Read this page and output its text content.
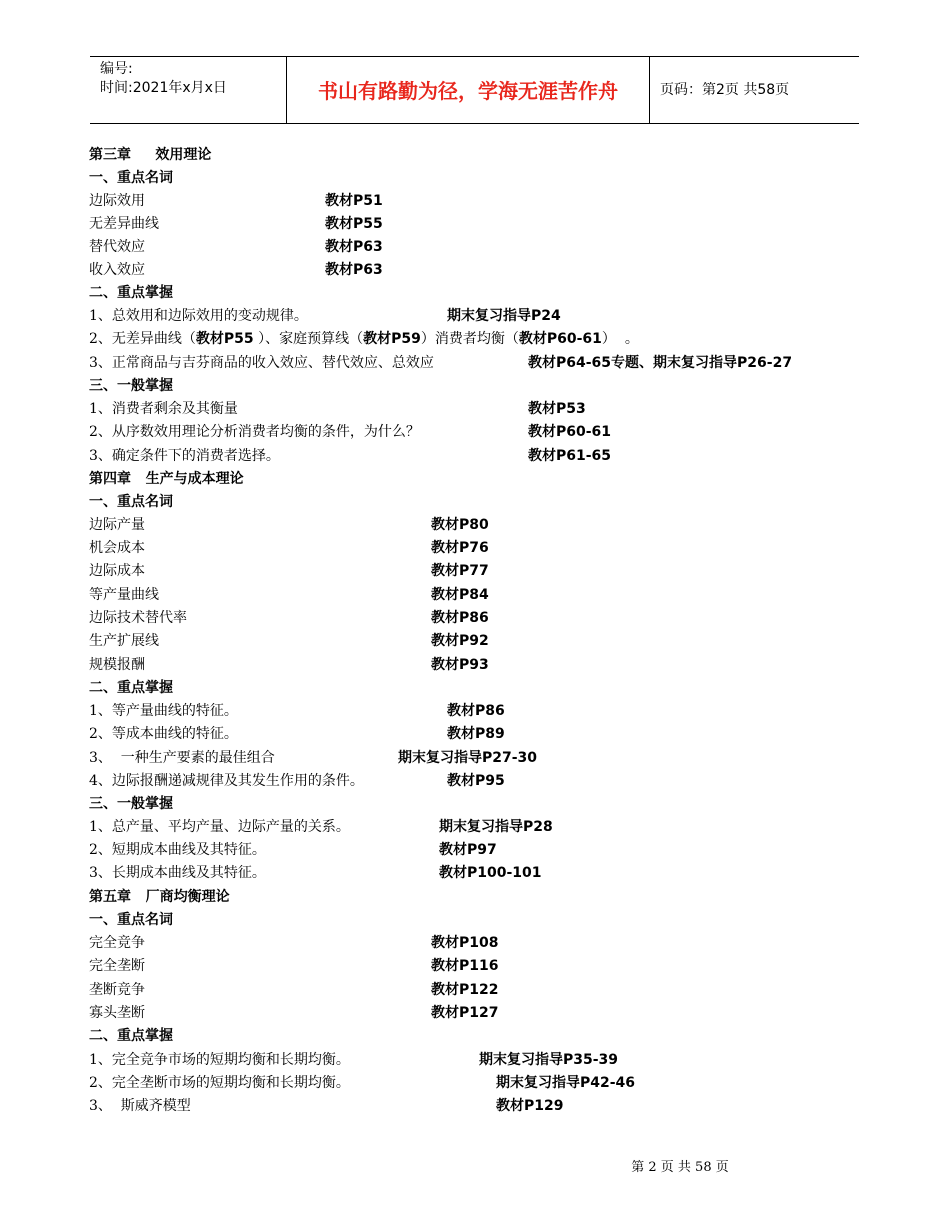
编号:
时间:2021年x月x日	书山有路勤为径，学海无涯苦作舟	页码：第2页 共58页
第三章     效用理论
一、重点名词
边际效用	教材P51
无差异曲线	教材P55
替代效应	教材P63
收入效应	教材P63
二、重点掌握
1、总效用和边际效用的变动规律。	期末复习指导P24
2、无差异曲线（教材P55 ）、家庭预算线（教材P59）消费者均衡（教材P60-61）  。
3、正常商品与吉芬商品的收入效应、替代效应、总效应	教材P64-65专题、期末复习指导P26-27
三、一般掌握
1、消费者剩余及其衡量	教材P53
2、从序数效用理论分析消费者均衡的条件，为什么？	教材P60-61
3、确定条件下的消费者选择。	教材P61-65
第四章   生产与成本理论
一、重点名词
边际产量	教材P80
机会成本	教材P76
边际成本	教材P77
等产量曲线	教材P84
边际技术替代率	教材P86
生产扩展线	教材P92
规模报酬	教材P93
二、重点掌握
1、等产量曲线的特征。	教材P86
2、等成本曲线的特征。	教材P89
3、  一种生产要素的最佳组合	期末复习指导P27-30
4、边际报酬递减规律及其发生作用的条件。	教材P95
三、一般掌握
1、总产量、平均产量、边际产量的关系。	期末复习指导P28
2、短期成本曲线及其特征。	教材P97
3、长期成本曲线及其特征。	教材P100-101
第五章   厂商均衡理论
一、重点名词
完全竞争	教材P108
完全垄断	教材P116
垄断竞争	教材P122
寡头垄断	教材P127
二、重点掌握
1、完全竞争市场的短期均衡和长期均衡。	期末复习指导P35-39
2、完全垄断市场的短期均衡和长期均衡。	期末复习指导P42-46
3、  斯威齐模型	教材P129
第 2 页 共 58 页
